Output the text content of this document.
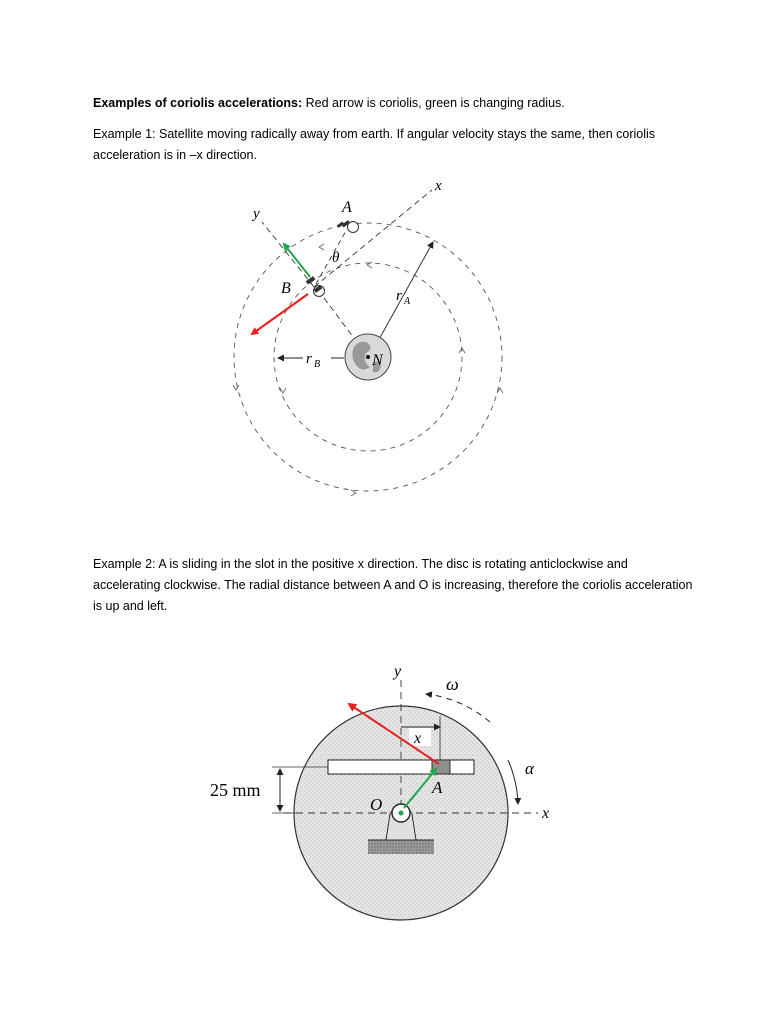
Examples of coriolis accelerations: Red arrow is coriolis, green is changing radius.

Example 1: Satellite moving radically away from earth. If angular velocity stays the same, then coriolis acceleration is in –x direction.

x
y
θ
A
B	r A
r B	N

Example 2: A is sliding in the slot in the positive x direction. The disc is rotating anticlockwise and accelerating clockwise. The radial distance between A and O is increasing, therefore the coriolis acceleration is up and left.

x
y
x
25 mm
O
A
ω
α
